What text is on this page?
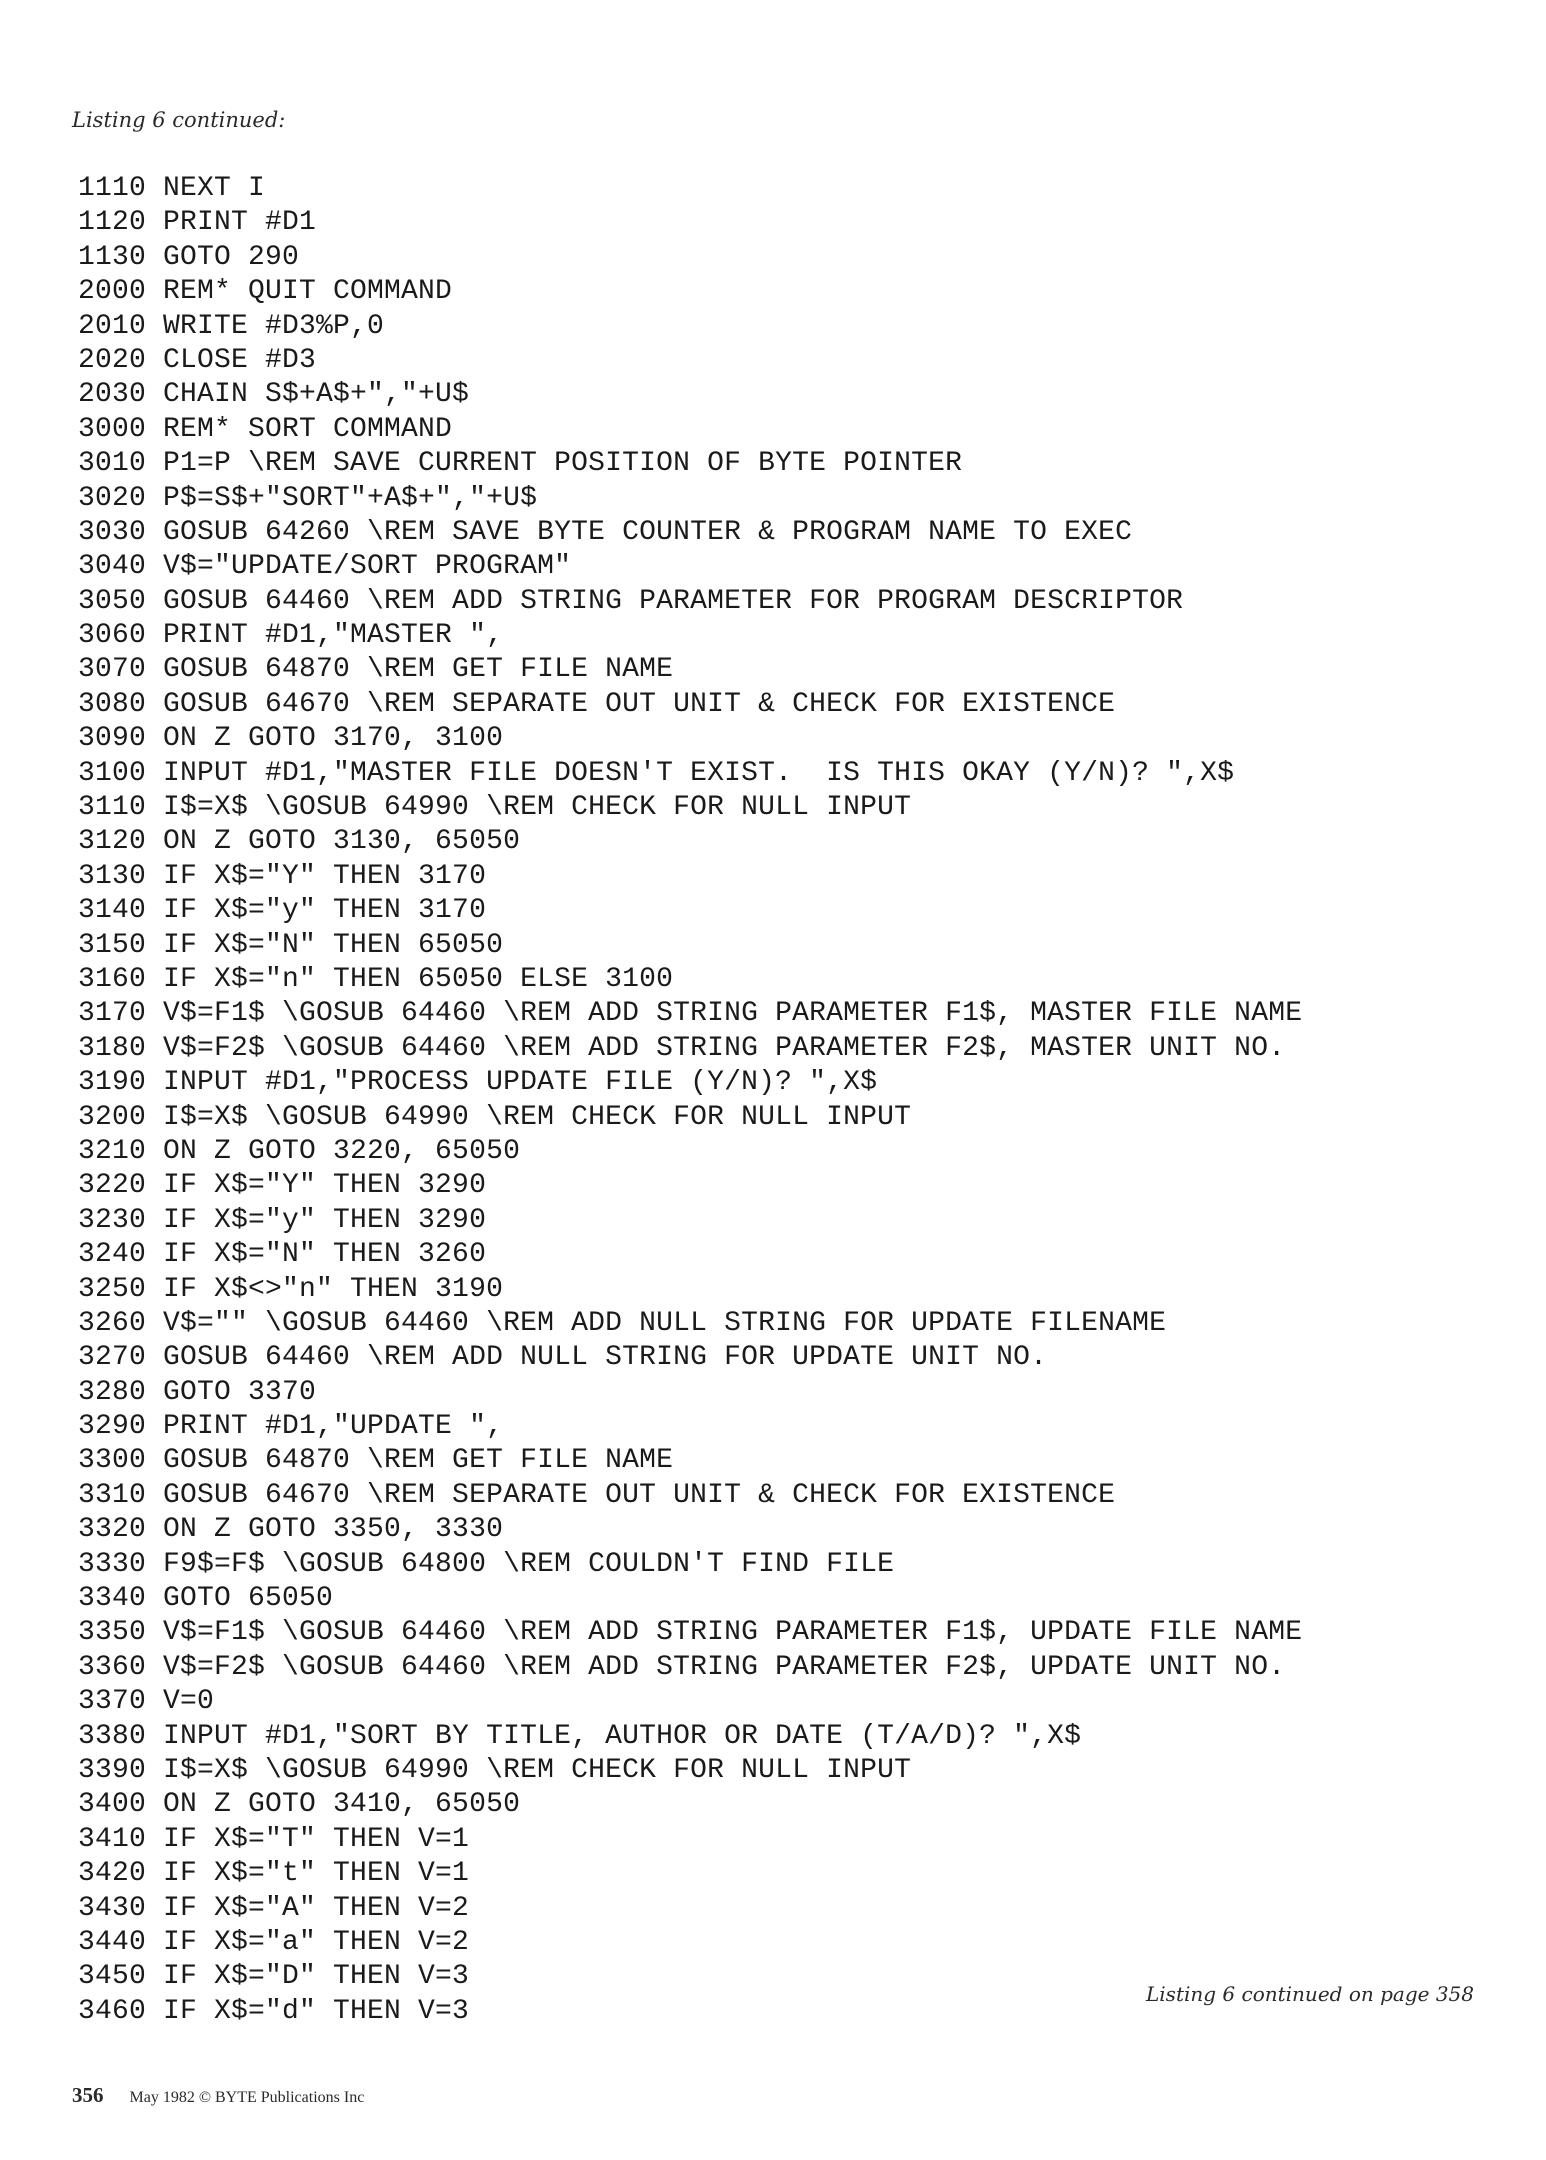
Listing 6 continued:
1110 NEXT I
1120 PRINT #D1
1130 GOTO 290
2000 REM* QUIT COMMAND
2010 WRITE #D3%P,0
2020 CLOSE #D3
2030 CHAIN S$+A$+","+U$
3000 REM* SORT COMMAND
3010 P1=P \REM SAVE CURRENT POSITION OF BYTE POINTER
3020 P$=S$+"SORT"+A$+","+U$
3030 GOSUB 64260 \REM SAVE BYTE COUNTER & PROGRAM NAME TO EXEC
3040 V$="UPDATE/SORT PROGRAM"
3050 GOSUB 64460 \REM ADD STRING PARAMETER FOR PROGRAM DESCRIPTOR
3060 PRINT #D1,"MASTER ",
3070 GOSUB 64870 \REM GET FILE NAME
3080 GOSUB 64670 \REM SEPARATE OUT UNIT & CHECK FOR EXISTENCE
3090 ON Z GOTO 3170, 3100
3100 INPUT #D1,"MASTER FILE DOESN'T EXIST.  IS THIS OKAY (Y/N)? ",X$
3110 I$=X$ \GOSUB 64990 \REM CHECK FOR NULL INPUT
3120 ON Z GOTO 3130, 65050
3130 IF X$="Y" THEN 3170
3140 IF X$="y" THEN 3170
3150 IF X$="N" THEN 65050
3160 IF X$="n" THEN 65050 ELSE 3100
3170 V$=F1$ \GOSUB 64460 \REM ADD STRING PARAMETER F1$, MASTER FILE NAME
3180 V$=F2$ \GOSUB 64460 \REM ADD STRING PARAMETER F2$, MASTER UNIT NO.
3190 INPUT #D1,"PROCESS UPDATE FILE (Y/N)? ",X$
3200 I$=X$ \GOSUB 64990 \REM CHECK FOR NULL INPUT
3210 ON Z GOTO 3220, 65050
3220 IF X$="Y" THEN 3290
3230 IF X$="y" THEN 3290
3240 IF X$="N" THEN 3260
3250 IF X$<>"n" THEN 3190
3260 V$="" \GOSUB 64460 \REM ADD NULL STRING FOR UPDATE FILENAME
3270 GOSUB 64460 \REM ADD NULL STRING FOR UPDATE UNIT NO.
3280 GOTO 3370
3290 PRINT #D1,"UPDATE ",
3300 GOSUB 64870 \REM GET FILE NAME
3310 GOSUB 64670 \REM SEPARATE OUT UNIT & CHECK FOR EXISTENCE
3320 ON Z GOTO 3350, 3330
3330 F9$=F$ \GOSUB 64800 \REM COULDN'T FIND FILE
3340 GOTO 65050
3350 V$=F1$ \GOSUB 64460 \REM ADD STRING PARAMETER F1$, UPDATE FILE NAME
3360 V$=F2$ \GOSUB 64460 \REM ADD STRING PARAMETER F2$, UPDATE UNIT NO.
3370 V=0
3380 INPUT #D1,"SORT BY TITLE, AUTHOR OR DATE (T/A/D)? ",X$
3390 I$=X$ \GOSUB 64990 \REM CHECK FOR NULL INPUT
3400 ON Z GOTO 3410, 65050
3410 IF X$="T" THEN V=1
3420 IF X$="t" THEN V=1
3430 IF X$="A" THEN V=2
3440 IF X$="a" THEN V=2
3450 IF X$="D" THEN V=3
3460 IF X$="d" THEN V=3
Listing 6 continued on page 358
356 May 1982 © BYTE Publications Inc
